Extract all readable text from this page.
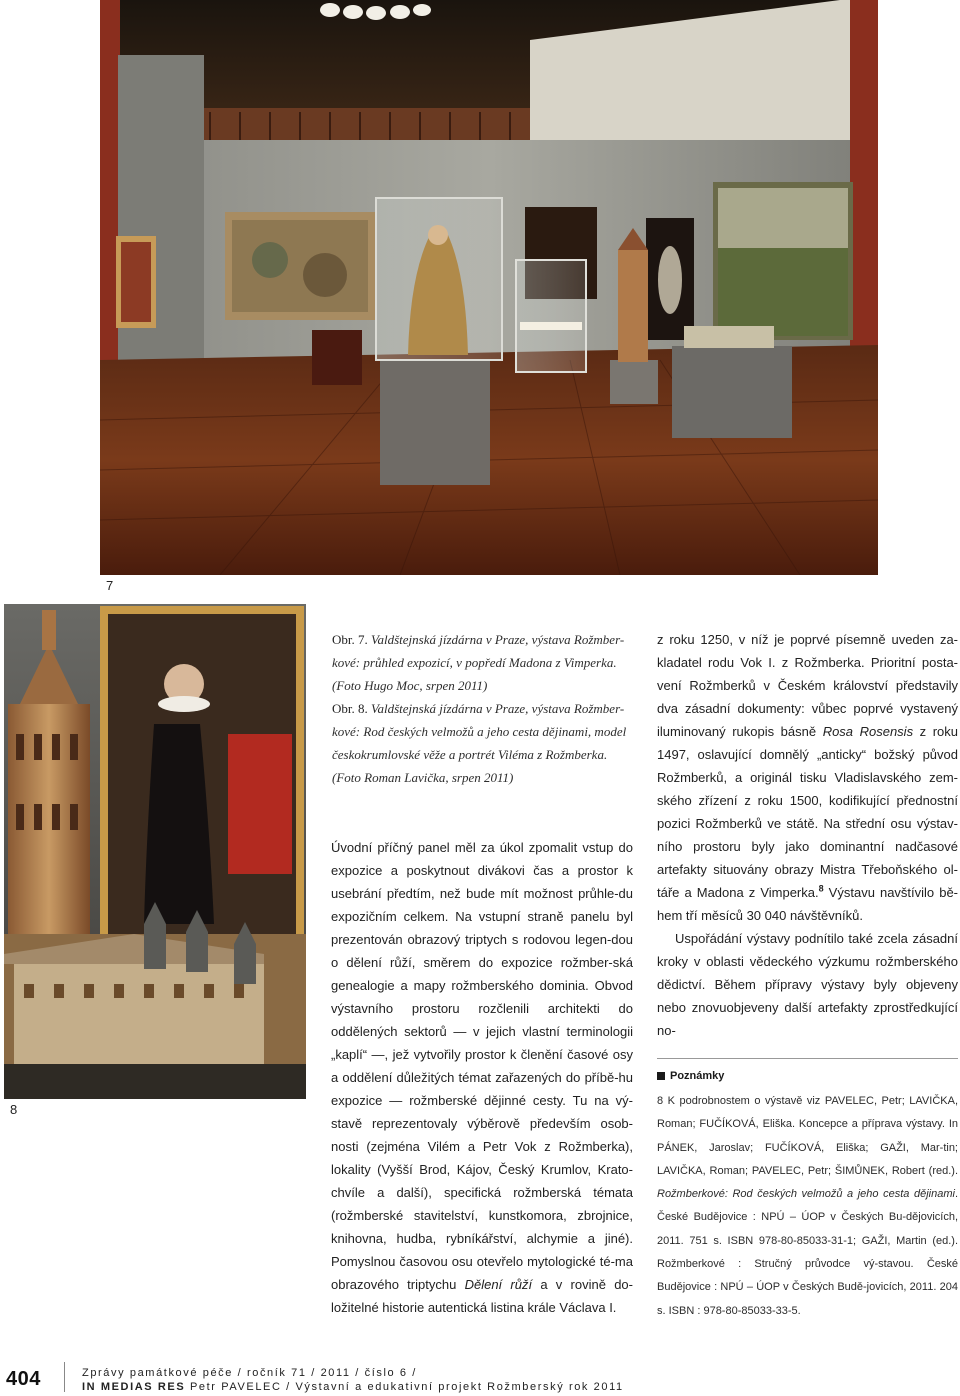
7
8

Obr. 7. Valdštejnská jízdárna v Praze, výstava Rožmber-kové: průhled expozicí, v popředí Madona z Vimperka. (Foto Hugo Moc, srpen 2011)

Obr. 8. Valdštejnská jízdárna v Praze, výstava Rožmber-kové: Rod českých velmožů a jeho cesta dějinami, model českokrumlovské věže a portrét Viléma z Rožmberka. (Foto Roman Lavička, srpen 2011)

Úvodní příčný panel měl za úkol zpomalit vstup do expozice a poskytnout divákovi čas a prostor k usebrání předtím, než bude mít možnost průhle-du expozičním celkem. Na vstupní straně panelu byl prezentován obrazový triptych s rodovou legen-dou o dělení růží, směrem do expozice rožmber-ská genealogie a mapy rožmberského dominia. Obvod výstavního prostoru rozčlenili architekti do oddělených sektorů — v jejich vlastní terminologii „kaplí“ —, jež vytvořily prostor k členění časové osy a oddělení důležitých témat zařazených do příbě-hu expozice — rožmberské dějinné cesty. Tu na vý-stavě reprezentovaly výběrově především osob-nosti (zejména Vilém a Petr Vok z Rožmberka), lokality (Vyšší Brod, Kájov, Český Krumlov, Krato-chvíle a další), specifická rožmberská témata (rožmberské stavitelství, kunstkomora, zbrojnice, knihovna, hudba, rybníkářství, alchymie a jiné). Pomyslnou časovou osu otevřelo mytologické té-ma obrazového triptychu Dělení růží a v rovině do-ložitelné historie autentická listina krále Václava I.

z roku 1250, v níž je poprvé písemně uveden za-kladatel rodu Vok I. z Rožmberka. Prioritní posta-vení Rožmberků v Českém království představily dva zásadní dokumenty: vůbec poprvé vystavený iluminovaný rukopis básně Rosa Rosensis z roku 1497, oslavující domnělý „anticky“ božský původ Rožmberků, a originál tisku Vladislavského zem-ského zřízení z roku 1500, kodifikující přednostní pozici Rožmberků ve státě. Na střední osu výstav-ního prostoru byly jako dominantní nadčasové artefakty situovány obrazy Mistra Třeboňského ol-táře a Madona z Vimperka.$^8$ Výstavu navštívilo bě-hem tří měsíců 30 040 návštěvníků.

Uspořádání výstavy podnítilo také zcela zásadní kroky v oblasti vědeckého výzkumu rožmberského dědictví. Během přípravy výstavy byly objeveny nebo znovuobjeveny další artefakty zprostředkující no-

Poznámky

8 K podrobnostem o výstavě viz PAVELEC, Petr; LAVIČKA, Roman; FUČÍKOVÁ, Eliška. Koncepce a příprava výstavy. In PÁNEK, Jaroslav; FUČÍKOVÁ, Eliška; GAŽI, Mar-tin; LAVIČKA, Roman; PAVELEC, Petr; ŠIMŮNEK, Robert (red.). Rožmberkové: Rod českých velmožů a jeho cesta dějinami. České Budějovice : NPÚ – ÚOP v Českých Bu-dějovicích, 2011. 751 s. ISBN 978-80-85033-31-1; GAŽI, Martin (ed.). Rožmberkové : Stručný průvodce vý-stavou. České Budějovice : NPÚ – ÚOP v Českých Budě-jovicích, 2011. 204 s. ISBN : 978-80-85033-33-5.

404	Zprávy památkové péče / ročník 71 / 2011 / číslo 6 /
IN MEDIAS RES Petr PAVELEC / Výstavní a edukativní projekt Rožmberský rok 2011
